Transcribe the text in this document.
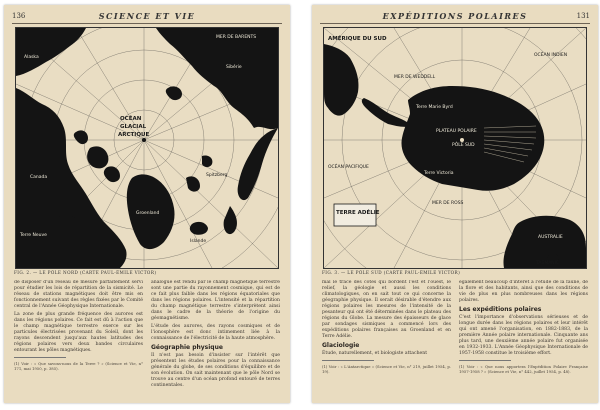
136	SCIENCE ET VIE
MER DE BARENTS
OCÉAN
GLACIAL
ARCTIQUE
Terre Neuve
Groenland
Spitzberg
Islande
Alaska
Sibérie
Canada
FIG. 2. — LE PÔLE NORD (CARTE PAUL-ÉMILE VICTOR)

de disposer d'un réseau de mesure parfaitement servi pour étudier les lois de répartition de la sismicité. Le réseau de stations magnétiques doit être mis en fonctionnement suivant des règles fixées par le Comité central de l'Année Géophysique Internationale.

La zone de plus grande fréquence des aurores est dans les régions polaires. Ce fait est dû à l'action que le champ magnétique terrestre exerce sur les particules électrisées provenant du Soleil, dont les rayons descendent jusqu'aux hautes latitudes des régions polaires vers deux bandes circulaires entourant les pôles magnétiques.

(1) Voir : « Que savons-nous de la Terre ? » (Science et Vie, n° 171, mai 1950, p. 385).

analogue est rendu par le champ magnétique terrestre sont une partie du rayonnement cosmique, qui est de ce fait plus faible dans les régions équatoriales que dans les régions polaires. L'intensité et la répartition du champ magnétique terrestre s'interprètent ainsi dans le cadre de la théorie de l'origine du géomagnétisme.

L'étude des aurores, des rayons cosmiques et de l'ionosphère est donc intimement liée à la connaissance de l'électricité de la haute atmosphère.

Géographie physique

Il n'est pas besoin d'insister sur l'intérêt que présentent les études polaires pour la connaissance générale du globe, de ses conditions d'équilibre et de son évolution. On sait maintenant que le pôle Nord se trouve au centre d'un océan profond entouré de terres continentales.

EXPÉDITIONS POLAIRES	131
AMÉRIQUE DU SUD
PLATEAU POLAIRE
PÔLE SUD
TERRE ADÉLIE
AUSTRALIE
TASMANIE
MER DE WEDDELL
MER DE ROSS
OCÉAN PACIFIQUE
OCÉAN INDIEN
Terre Victoria
Terre Marie Byrd
FIG. 3. — LE PÔLE SUD (CARTE PAUL-ÉMILE VICTOR)

mal le tracé des côtes qui bordent l'est et l'ouest, le relief, la géologie et aussi les conditions climatologiques, on en sait tout ce qui concerne la géographie physique. Il serait désirable d'étendre aux régions polaires les mesures de l'intensité de la pesanteur qui ont été déterminées dans le plateau des régions du Globe. La mesure des épaisseurs de glace par sondages sismiques a commencé lors des expéditions polaires françaises au Groenland et en Terre Adélie.

Glaciologie

Étude, naturellement, et biologiste attachent

(1) Voir : « L'Antarctique » (Science et Vie, n° 219, juillet 1954, p. 19).

également beaucoup d'intérêt à l'étude de la faune, de la flore et des habitants, ainsi que des conditions de vie de plus en plus nombreuses dans les régions polaires.

Les expéditions polaires

C'est l'importance d'observations sérieuses et de longue durée dans les régions polaires et leur intérêt qui ont amené l'organisation, en 1882-1883, de la première Année polaire internationale. Cinquante ans plus tard, une deuxième année polaire fut organisée en 1932-1933. L'Année Géophysique Internationale de 1957-1958 constitue le troisième effort.

(1) Voir : « Que nous apportera l'Expédition Polaire Française 1957-1958 ? » (Science et Vie, n° 442, juillet 1954, p. 48).
